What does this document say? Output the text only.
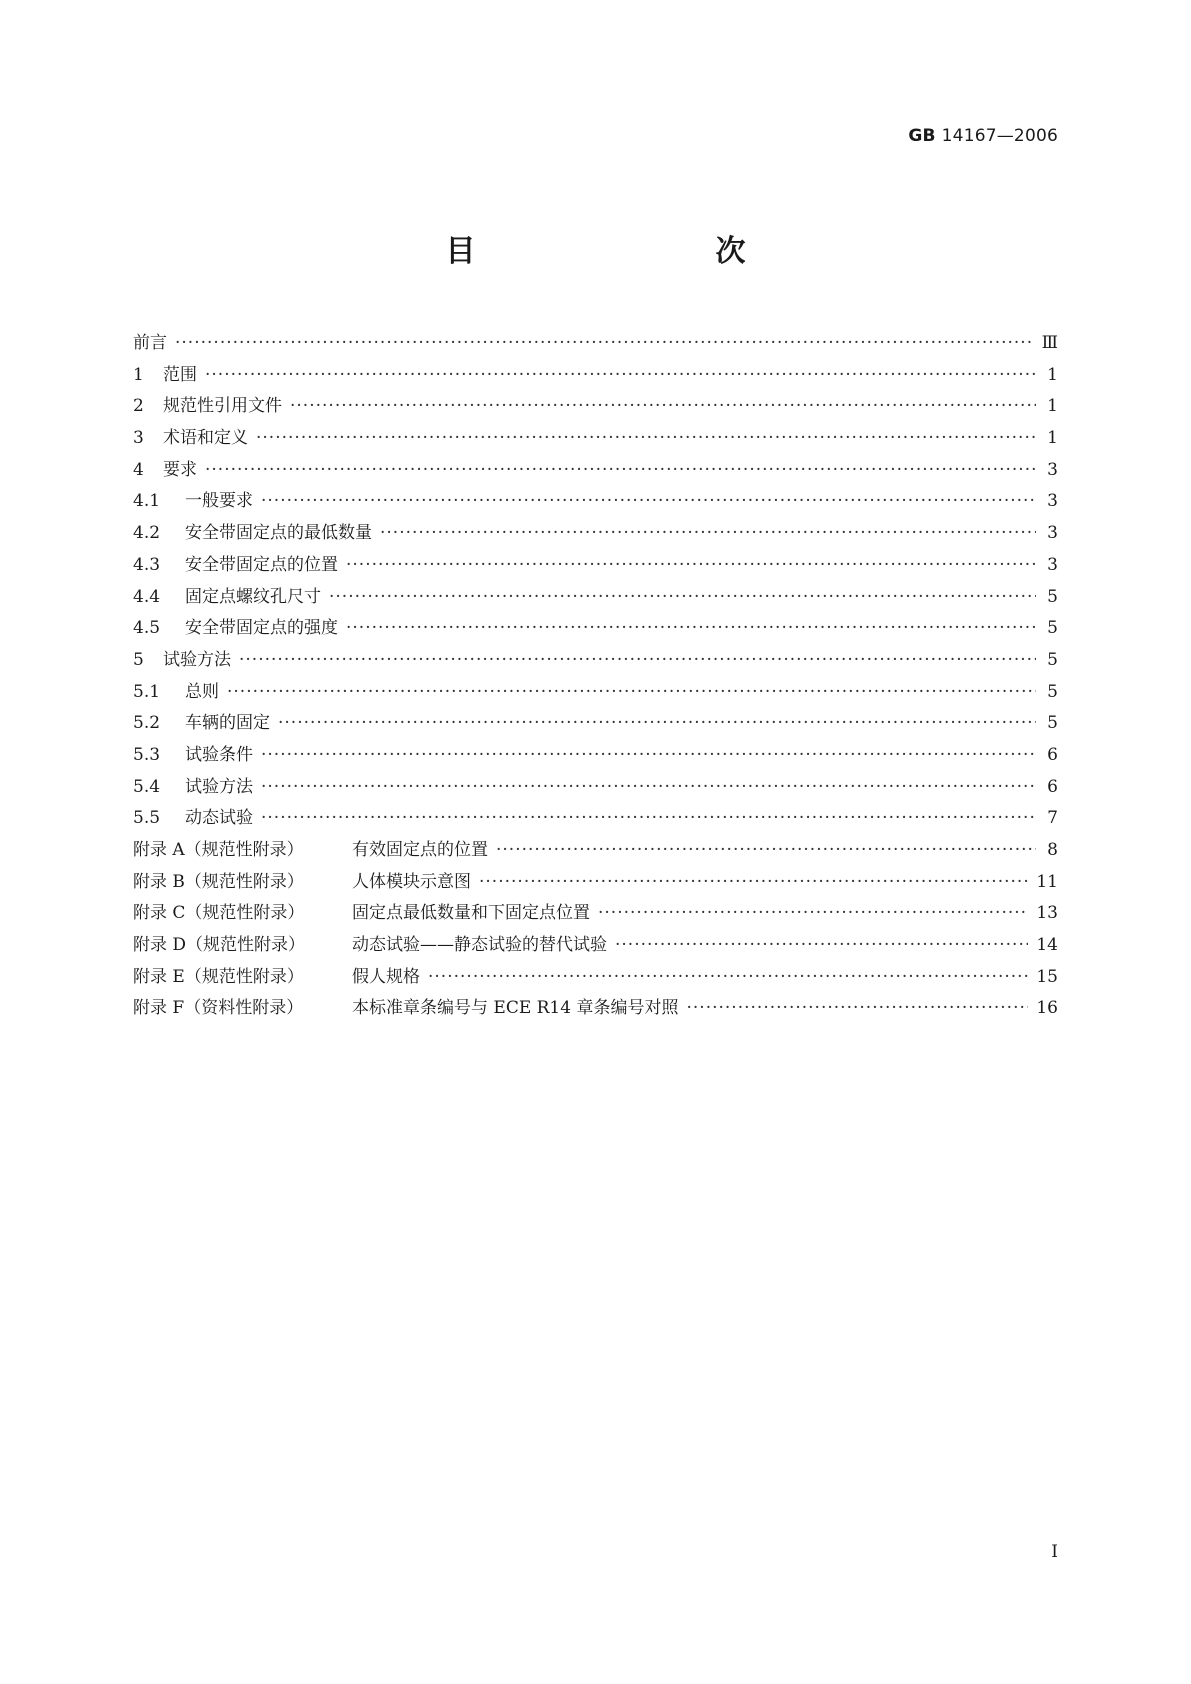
GB 14167—2006
目　　次
前言 ·····	Ⅲ
1	范围 ·····	1
2	规范性引用文件 ·····	1
3	术语和定义 ·····	1
4	要求 ·····	3
4.1	一般要求 ·····	3
4.2	安全带固定点的最低数量 ·····	3
4.3	安全带固定点的位置 ·····	3
4.4	固定点螺纹孔尺寸 ·····	5
4.5	安全带固定点的强度 ·····	5
5	试验方法 ·····	5
5.1	总则 ·····	5
5.2	车辆的固定 ·····	5
5.3	试验条件 ·····	6
5.4	试验方法 ·····	6
5.5	动态试验 ·····	7
附录 A（规范性附录）	有效固定点的位置 ·····	8
附录 B（规范性附录）	人体模块示意图 ·····	11
附录 C（规范性附录）	固定点最低数量和下固定点位置 ·····	13
附录 D（规范性附录）	动态试验——静态试验的替代试验 ·····	14
附录 E（规范性附录）	假人规格 ·····	15
附录 F（资料性附录）	本标准章条编号与 ECE R14 章条编号对照 ·····	16
I
